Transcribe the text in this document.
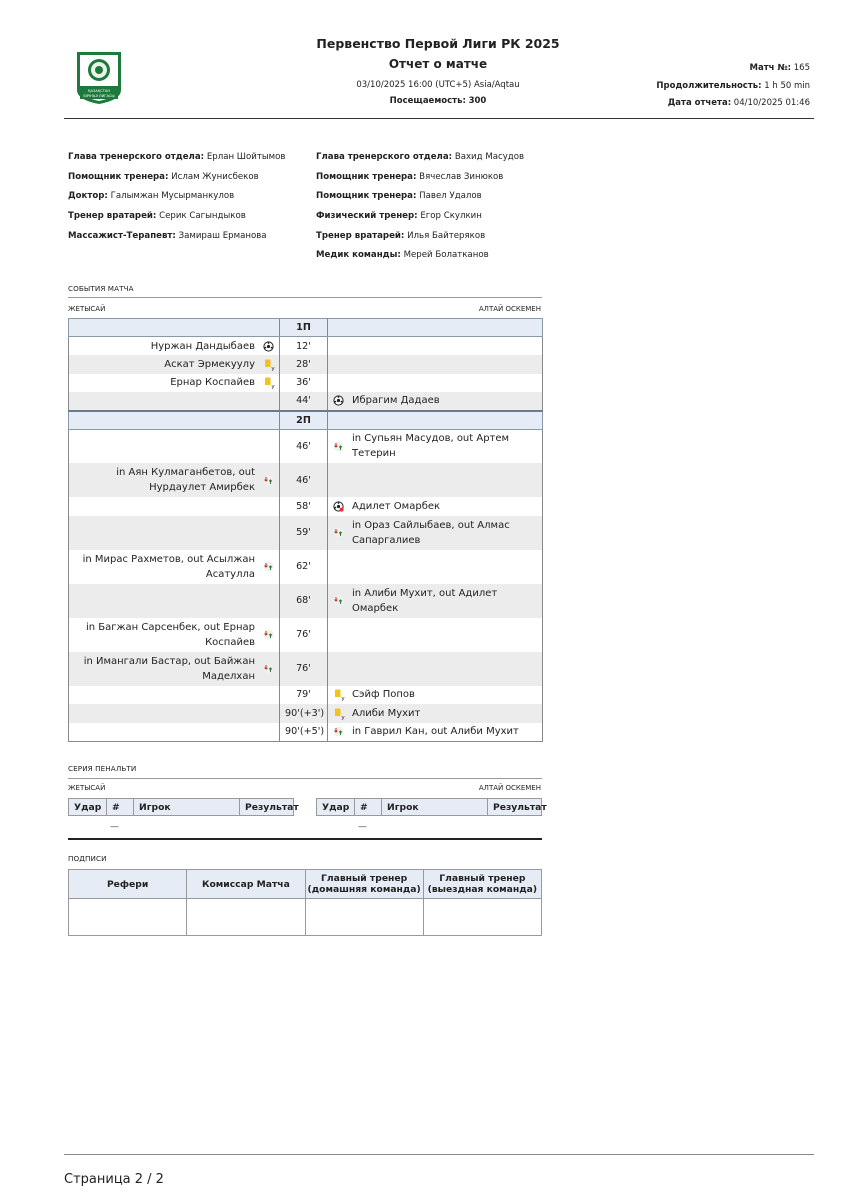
ҚАЗАҚСТАН
БІРІНШІ ЛИГАСЫ
Первенство Первой Лиги РК 2025
Отчет о матче
03/10/2025 16:00 (UTC+5) Asia/Aqtau
Посещаемость: 300
Матч №: 165
Продолжительность: 1 h 50 min
Дата отчета: 04/10/2025 01:46
Глава тренерского отдела: Ерлан Шойтымов
Помощник тренера: Ислам Жунисбеков
Доктор: Галымжан Мусырманкулов
Тренер вратарей: Серик Сагындыков
Массажист-Терапевт: Замираш Ерманова
Глава тренерского отдела: Вахид Масудов
Помощник тренера: Вячеслав Зинюков
Помощник тренера: Павел Удалов
Физический тренер: Егор Скулкин
Тренер вратарей: Илья Байтеряков
Медик команды: Мерей Болатканов
СОБЫТИЯ МАТЧА
ЖЕТЫСАЙ	АЛТАЙ ОСКЕМЕН
	1П	

Нуржан Дандыбаев	12'	

Аскат Эрмекуулу y	28'	

Ернар Коспайев y	36'	
	44'	Ибрагим Дадаев

	2П	
	46'	in Супьян Масудов, out Артем Тетерин

in Аян Кулмаганбетов, out Нурдаулет Амирбек	46'	
	58'	Адилет Омарбек

	59'	in Ораз Сайлыбаев, out Алмас Сапаргалиев

in Мирас Рахметов, out Асылжан Асатулла	62'	
	68'	in Алиби Мухит, out Адилет Омарбек

in Багжан Сарсенбек, out Ернар Коспайев	76'	

in Имангали Бастар, out Байжан Маделхан	76'	
	79'	y Сэйф Попов

	90'(+3')	y Алиби Мухит

	90'(+5')	in Гаврил Кан, out Алиби Мухит
СЕРИЯ ПЕНАЛЬТИ
ЖЕТЫСАЙ	АЛТАЙ ОСКЕМЕН
Удар	#	Игрок	Результат	Удар	#	Игрок	Результат
—	—
ПОДПИСИ
Рефери	Комиссар Матча	Главный тренер (домашняя команда)	Главный тренер (выездная команда)

Страница 2 / 2
